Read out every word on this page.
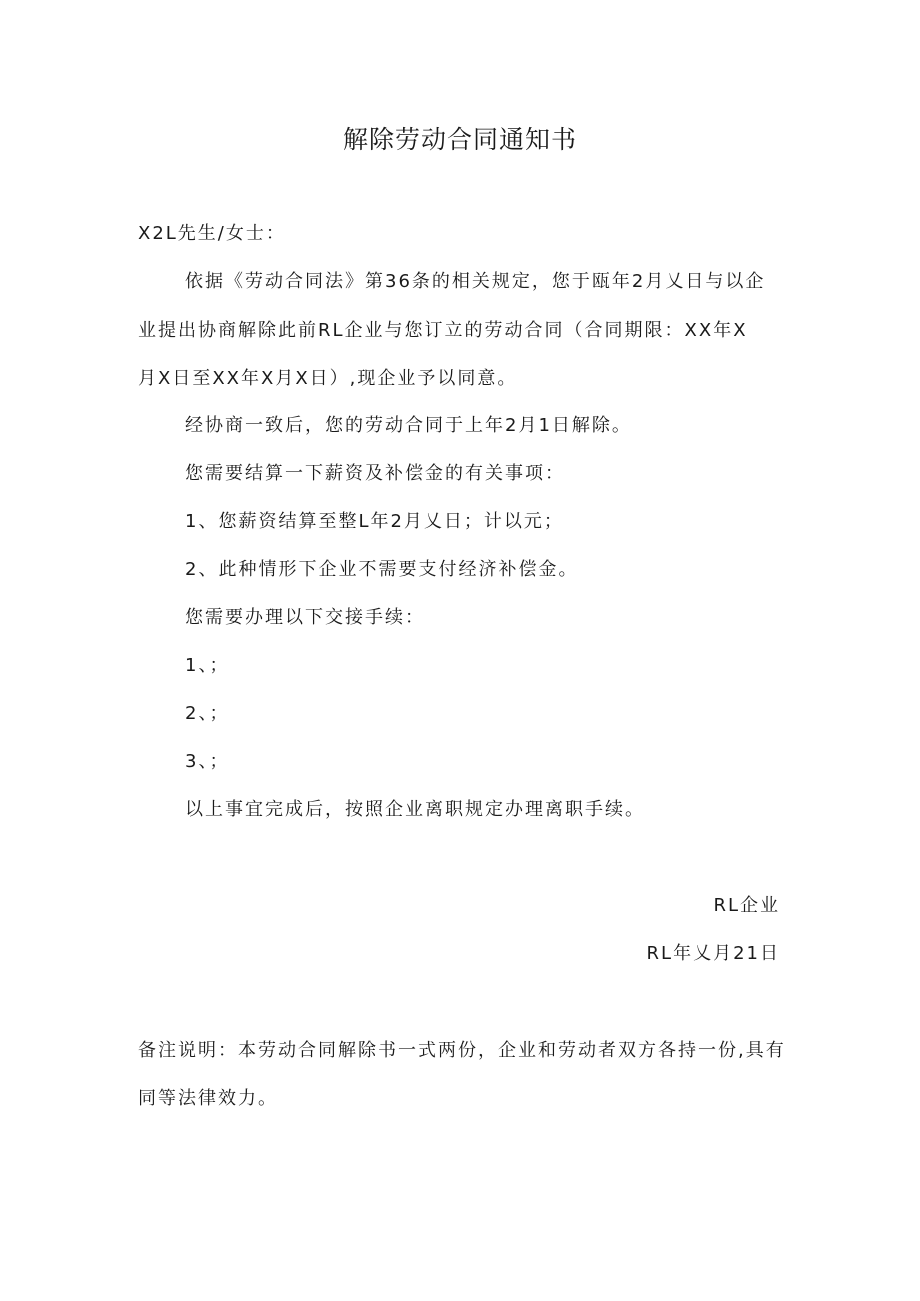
解除劳动合同通知书
X2L先生/女士：
依据《劳动合同法》第36条的相关规定，您于瓯年2月乂日与以企
业提出协商解除此前RL企业与您订立的劳动合同（合同期限：XX年X
月X日至XX年X月X日）,现企业予以同意。
经协商一致后，您的劳动合同于上年2月1日解除。
您需要结算一下薪资及补偿金的有关事项：
1、您薪资结算至整L年2月乂日；计以元；
2、此种情形下企业不需要支付经济补偿金。
您需要办理以下交接手续：
1、；
2、；
3、；
以上事宜完成后，按照企业离职规定办理离职手续。
RL企业
RL年乂月21日
备注说明：本劳动合同解除书一式两份，企业和劳动者双方各持一份,具有
同等法律效力。
